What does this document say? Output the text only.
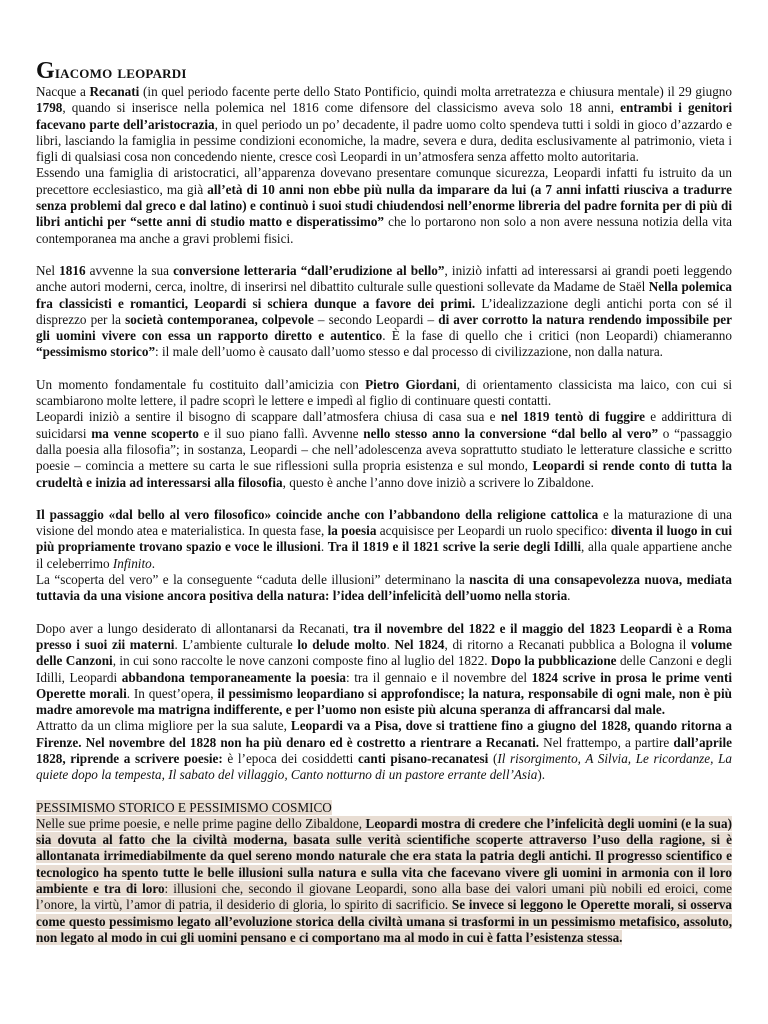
Giacomo leopardi

Nacque a Recanati (in quel periodo facente perte dello Stato Pontificio, quindi molta arretratezza e chiusura mentale) il 29 giugno 1798, quando si inserisce nella polemica nel 1816 come difensore del classicismo aveva solo 18 anni, entrambi i genitori facevano parte dell’aristocrazia, in quel periodo un po’ decadente, il padre uomo colto spendeva tutti i soldi in gioco d’azzardo e libri, lasciando la famiglia in pessime condizioni economiche, la madre, severa e dura, dedita esclusivamente al patrimonio, vieta i figli di qualsiasi cosa non concedendo niente, cresce così Leopardi in un’atmosfera senza affetto molto autoritaria.

Essendo una famiglia di aristocratici, all’apparenza dovevano presentare comunque sicurezza, Leopardi infatti fu istruito da un precettore ecclesiastico, ma già all’età di 10 anni non ebbe più nulla da imparare da lui (a 7 anni infatti riusciva a tradurre senza problemi dal greco e dal latino) e continuò i suoi studi chiudendosi nell’enorme libreria del padre fornita per di più di libri antichi per “sette anni di studio matto e disperatissimo” che lo portarono non solo a non avere nessuna notizia della vita contemporanea ma anche a gravi problemi fisici.

Nel 1816 avvenne la sua conversione letteraria “dall’erudizione al bello”, iniziò infatti ad interessarsi ai grandi poeti leggendo anche autori moderni, cerca, inoltre, di inserirsi nel dibattito culturale sulle questioni sollevate da Madame de Staël Nella polemica fra classicisti e romantici, Leopardi si schiera dunque a favore dei primi. L’idealizzazione degli antichi porta con sé il disprezzo per la società contemporanea, colpevole – secondo Leopardi – di aver corrotto la natura rendendo impossibile per gli uomini vivere con essa un rapporto diretto e autentico. È la fase di quello che i critici (non Leopardi) chiameranno “pessimismo storico”: il male dell’uomo è causato dall’uomo stesso e dal processo di civilizzazione, non dalla natura.

Un momento fondamentale fu costituito dall’amicizia con Pietro Giordani, di orientamento classicista ma laico, con cui si scambiarono molte lettere, il padre scoprì le lettere e impedì al figlio di continuare questi contatti.

Leopardi iniziò a sentire il bisogno di scappare dall’atmosfera chiusa di casa sua e nel 1819 tentò di fuggire e addirittura di suicidarsi ma venne scoperto e il suo piano fallì. Avvenne nello stesso anno la conversione “dal bello al vero” o “passaggio dalla poesia alla filosofia”; in sostanza, Leopardi – che nell’adolescenza aveva soprattutto studiato le letterature classiche e scritto poesie – comincia a mettere su carta le sue riflessioni sulla propria esistenza e sul mondo, Leopardi si rende conto di tutta la crudeltà e inizia ad interessarsi alla filosofia, questo è anche l’anno dove iniziò a scrivere lo Zibaldone.

Il passaggio «dal bello al vero filosofico» coincide anche con l’abbandono della religione cattolica e la maturazione di una visione del mondo atea e materialistica. In questa fase, la poesia acquisisce per Leopardi un ruolo specifico: diventa il luogo in cui più propriamente trovano spazio e voce le illusioni. Tra il 1819 e il 1821 scrive la serie degli Idilli, alla quale appartiene anche il celeberrimo Infinito.

La “scoperta del vero” e la conseguente “caduta delle illusioni” determinano la nascita di una consapevolezza nuova, mediata tuttavia da una visione ancora positiva della natura: l’idea dell’infelicità dell’uomo nella storia.

Dopo aver a lungo desiderato di allontanarsi da Recanati, tra il novembre del 1822 e il maggio del 1823 Leopardi è a Roma presso i suoi zii materni. L’ambiente culturale lo delude molto. Nel 1824, di ritorno a Recanati pubblica a Bologna il volume delle Canzoni, in cui sono raccolte le nove canzoni composte fino al luglio del 1822. Dopo la pubblicazione delle Canzoni e degli Idilli, Leopardi abbandona temporaneamente la poesia: tra il gennaio e il novembre del 1824 scrive in prosa le prime venti Operette morali. In quest’opera, il pessimismo leopardiano si approfondisce; la natura, responsabile di ogni male, non è più madre amorevole ma matrigna indifferente, e per l’uomo non esiste più alcuna speranza di affrancarsi dal male.

Attratto da un clima migliore per la sua salute, Leopardi va a Pisa, dove si trattiene fino a giugno del 1828, quando ritorna a Firenze. Nel novembre del 1828 non ha più denaro ed è costretto a rientrare a Recanati. Nel frattempo, a partire dall’aprile 1828, riprende a scrivere poesie: è l’epoca dei cosiddetti canti pisano-recanatesi (Il risorgimento, A Silvia, Le ricordanze, La quiete dopo la tempesta, Il sabato del villaggio, Canto notturno di un pastore errante dell’Asia).

PESSIMISMO STORICO E PESSIMISMO COSMICO

Nelle sue prime poesie, e nelle prime pagine dello Zibaldone, Leopardi mostra di credere che l’infelicità degli uomini (e la sua) sia dovuta al fatto che la civiltà moderna, basata sulle verità scientifiche scoperte attraverso l’uso della ragione, si è allontanata irrimediabilmente da quel sereno mondo naturale che era stata la patria degli antichi. Il progresso scientifico e tecnologico ha spento tutte le belle illusioni sulla natura e sulla vita che facevano vivere gli uomini in armonia con il loro ambiente e tra di loro: illusioni che, secondo il giovane Leopardi, sono alla base dei valori umani più nobili ed eroici, come l’onore, la virtù, l’amor di patria, il desiderio di gloria, lo spirito di sacrificio. Se invece si leggono le Operette morali, si osserva come questo pessimismo legato all’evoluzione storica della civiltà umana si trasformi in un pessimismo metafisico, assoluto, non legato al modo in cui gli uomini pensano e ci comportano ma al modo in cui è fatta l’esistenza stessa.
